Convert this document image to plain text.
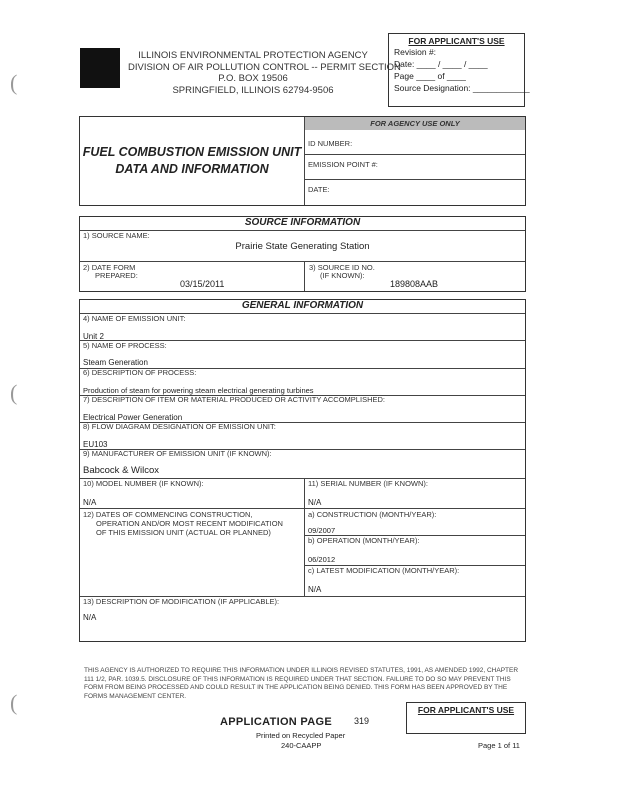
(
(
(
ILLINOIS ENVIRONMENTAL PROTECTION AGENCY
DIVISION OF AIR POLLUTION CONTROL -- PERMIT SECTION
P.O. BOX 19506
SPRINGFIELD, ILLINOIS 62794-9506
FOR APPLICANT'S USE
Revision #:
Date: ____ / ____ / ____
Page ____ of ____
Source Designation: ____________
FUEL COMBUSTION EMISSION UNIT
DATA AND INFORMATION
FOR AGENCY USE ONLY
ID NUMBER:
EMISSION POINT #:
DATE:
SOURCE INFORMATION
1) SOURCE NAME:
Prairie State Generating Station
2) DATE FORM
PREPARED:
03/15/2011
3) SOURCE ID NO.
(IF KNOWN):
189808AAB
GENERAL INFORMATION
4) NAME OF EMISSION UNIT:
Unit 2
5) NAME OF PROCESS:
Steam Generation
6) DESCRIPTION OF PROCESS:
Production of steam for powering steam electrical generating turbines
7) DESCRIPTION OF ITEM OR MATERIAL PRODUCED OR ACTIVITY ACCOMPLISHED:
Electrical Power Generation
8) FLOW DIAGRAM DESIGNATION OF EMISSION UNIT:
EU103
9) MANUFACTURER OF EMISSION UNIT (IF KNOWN):
Babcock & Wilcox
10) MODEL NUMBER (IF KNOWN):
N/A
11) SERIAL NUMBER (IF KNOWN):
N/A
12) DATES OF COMMENCING CONSTRUCTION,
OPERATION AND/OR MOST RECENT MODIFICATION
OF THIS EMISSION UNIT (ACTUAL OR PLANNED)
a) CONSTRUCTION (MONTH/YEAR):
09/2007
b) OPERATION (MONTH/YEAR):
06/2012
c) LATEST MODIFICATION (MONTH/YEAR):
N/A
13) DESCRIPTION OF MODIFICATION (IF APPLICABLE):
N/A
THIS AGENCY IS AUTHORIZED TO REQUIRE THIS INFORMATION UNDER ILLINOIS REVISED STATUTES, 1991, AS AMENDED 1992, CHAPTER 111 1/2, PAR. 1039.5. DISCLOSURE OF THIS INFORMATION IS REQUIRED UNDER THAT SECTION. FAILURE TO DO SO MAY PREVENT THIS FORM FROM BEING PROCESSED AND COULD RESULT IN THE APPLICATION BEING DENIED. THIS FORM HAS BEEN APPROVED BY THE FORMS MANAGEMENT CENTER.
FOR APPLICANT'S USE
APPLICATION PAGE 319
Printed on Recycled Paper
240-CAAPP	Page 1 of 11
